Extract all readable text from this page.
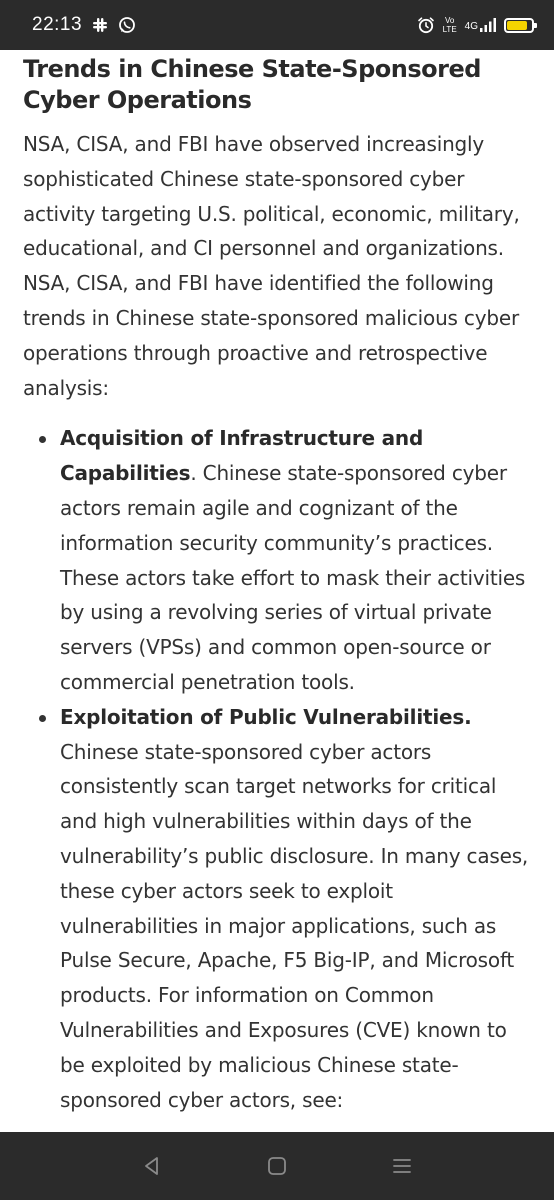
22:13	Vo
LTE 4G
Trends in Chinese State-Sponsored Cyber Operations

NSA, CISA, and FBI have observed increasingly sophisticated Chinese state-sponsored cyber activity targeting U.S. political, economic, military, educational, and CI personnel and organizations. NSA, CISA, and FBI have identified the following trends in Chinese state-sponsored malicious cyber operations through proactive and retrospective analysis:

Acquisition of Infrastructure and Capabilities. Chinese state-sponsored cyber actors remain agile and cognizant of the information security community’s practices. These actors take effort to mask their activities by using a revolving series of virtual private servers (VPSs) and common open-source or commercial penetration tools.
Exploitation of Public Vulnerabilities. Chinese state-sponsored cyber actors consistently scan target networks for critical and high vulnerabilities within days of the vulnerability’s public disclosure. In many cases, these cyber actors seek to exploit vulnerabilities in major applications, such as Pulse Secure, Apache, F5 Big-IP, and Microsoft products. For information on Common Vulnerabilities and Exposures (CVE) known to be exploited by malicious Chinese state-sponsored cyber actors, see:
